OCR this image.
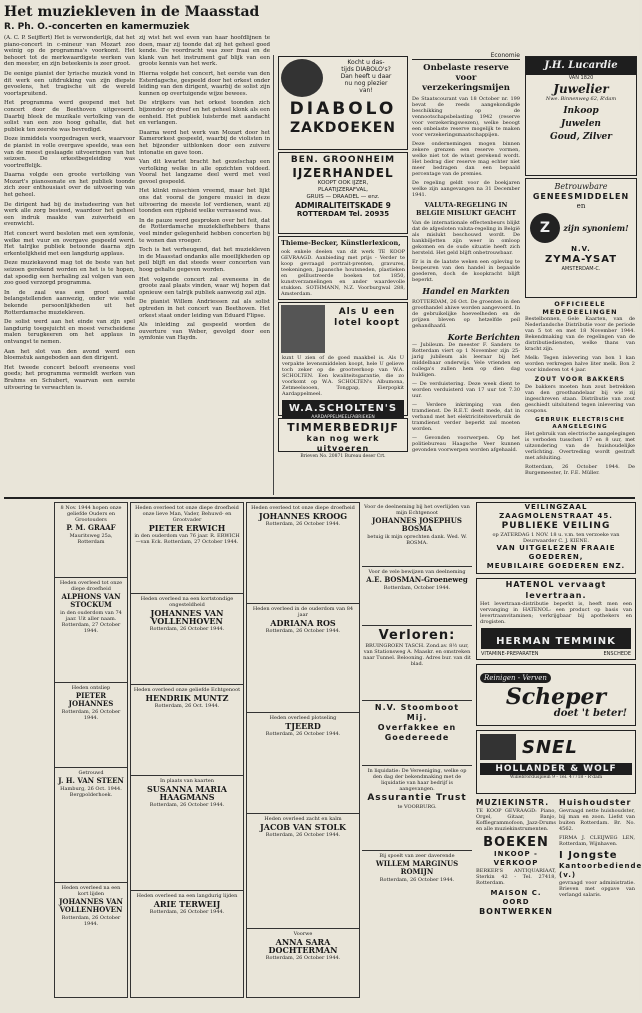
Het muziekleven in de Maasstad
R. Ph. O.-concerten en kamermuziek

(A. C. P. Seijffert) Het is verwonderlijk, dat het piano-concert in c-mineur van Mozart zoo weinig op de programma's voorkomt. Het behoort tot de merkwaardigste werken van den meester, en zijn beteekenis is zeer groot.

De eenige pianist der lyrische muziek vond in dit werk een uitdrukking van zijn diepste gevoelens, het tragische uit de wereld voortspruitend.

Het programma werd geopend met het concert door de Beethoven uitgevoerd. Daarbij bleek de muzikale vertolking van de solist van een zoo hoog gehalte, dat het publiek ten zeerste was bevredigd.

Doze inmiddels voorgedragen werk, waarvoor de pianist in volle overgave speelde, was een van de meest geslaagde uitvoeringen van het seizoen. De orkestbegeleiding was voortreffelijk.

Daarna volgde een groote vertolking van Mozart's pianosonate en het publiek toonde zich zeer enthousiast over de uitvoering van het geheel.

De dirigent had bij de instudeering van het werk alle zorg besteed, waardoor het geheel een indruk maakte van zuiverheid en evenwicht.

Het concert werd besloten met een symfonie, welke met vuur en overgave gespeeld werd. Het talrijke publiek betoonde daarna zijn erkentelijkheid met een langdurig applaus.

Deze muziekavond mag tot de beste van het seizoen gerekend worden en het is te hopen, dat spoedig een herhaling zal volgen van een zoo goed verzorgd programma.

In de zaal was een groot aantal belangstellenden aanwezig, onder wie vele bekende persoonlijkheden uit het Rotterdamsche muziekleven.

De solist werd aan het einde van zijn spel langdurig toegejuicht en moest verscheidene malen terugkeeren om het applaus in ontvangst te nemen.

Aan het slot van den avond werd een bloemstuk aangeboden aan den dirigent.

Het tweede concert belooft eveneens veel goeds; het programma vermeldt werken van Brahms en Schubert, waarvan een eerste uitvoering te verwachten is.

zij wist het wel even van haar hoofdlijnen te doen, maar zij toonde dat zij het geheel goed kende. De voordracht was zeer fraai en de klank van het instrument gaf blijk van een groote kennis van het werk.

Hierna volgde het concert, het eerste van den Esterdagsche, gespeeld door het orkest onder leiding van den dirigent, waarbij de solist zijn kunnen op overtuigende wijze bewees.

De strijkers van het orkest toonden zich bijzonder op dreef en het geheel klonk als een eenheid. Het publiek luisterde met aandacht en verlangen.

Daarna werd het werk van Mozart door het Kamerorkest gespeeld, waarbij de violisten in het bijzonder uitblonken door een zuivere intonatie en gave toon.

Van dit kwartet bracht het gezelschap een vertolking welke in alle opzichten voldeed. Vooral het langzame deel werd met veel gevoel gespeeld.

Het klinkt misschien vreemd, maar het lijkt ons dat vooral de jongere musici in deze uitvoering de meeste lof verdienen, want zij toonden een rijpheid welke verrassend was.

In de pauze werd gesproken over het feit, dat de Rotterdamsche muziekliefhebbers thans veel minder gelegenheid hebben concerten bij te wonen dan vroeger.

Toch is het verheugend, dat het muziekleven in de Maasstad ondanks alle moeilijkheden op peil blijft en dat steeds weer concerten van hoog gehalte gegeven worden.

Het volgende concert zal eveneens in de groote zaal plaats vinden, waar wij hopen dat opnieuw een talrijk publiek aanwezig zal zijn.

De pianist Willem Andriessen zal als solist optreden in het concert van Beethoven. Het orkest staat onder leiding van Eduard Flipse.

Als inleiding zal gespeeld worden de ouverture van Weber, gevolgd door een symfonie van Haydn.

Kocht u das-
tijds DIABOLO's?
Dan heeft u daar
nu nog plezier
van!
DIABOLO
ZAKDOEKEN
BEN. GROONHEIM
IJZERHANDEL
KOOPT OOK IJZER,
PLAATIJZERAFVAL,
GRUIS — DRAADEL — enz.
ADMIRALITEITSKADE 9
ROTTERDAM Tel. 20935
Thieme-Becker, Künstlerlexicon,

ook enkele deelen van dit werk TE KOOP GEVRAAGD. Aanbieding met prijs - Verder te koop gevraagd portrait-prenten, gravures, teekeningen, Japansche houtsneden, plastieken en gelllustreerde boeken tot 1850, kunstverzamelingen en ander waardevolle stukken. SOTHMANN, N.Z. Voorburgwal 288, Amsterdam.

Als U een lotel koopt

kunt U zien of de goed maakbel is. Als U verpakte levensmiddelen koopt, hele U gelieve toch zeker op de grootverkoop van W.A. SCHOLTEN. Een kwaliteitsgarantie, die zo voorkomt op W.A. SCHOLTEN's Albumona, Zetmeelsooen, Tongpap, Eierpopkit Aardappelmeel.

W.A.SCHOLTEN'S
TIMMERBEDRIJF
kan nog werk uitvoeren
Brieven No. 20871 Bureau deser Crt.
Economie
Onbelaste reserve voor verzekeringsmijen

De Staatscourant van 18 October nr. 199 bevat de reeds aangekondigde beschikking op de vennootschapsbelasting 1942 (reserve voor verzekeringswezen), welke beoogt een onbelaste reserve mogelijk te maken voor verzekeringsmaatschappijen.

Deze ondernemingen mogen binnen zekere grenzen een reserve vormen, welke niet tot de winst gerekend wordt. Het bedrag dier reserve mag echter niet meer bedragen dan een bepaald percentage van de premies.

De regeling geldt voor de boekjaren welke zijn aangevangen na 31 December 1941.

VALUTA-REGELING IN BELGIE MISLUKT GEACHT

Van de internationale effectenbeurs blijkt dat de afgesloten valuta-regeling in België als mislukt beschouwd wordt. De bankbiljetten zijn weer in omloop gekomen en de oude situatie heeft zich hersteld. Het geld blijft onbetrouwbaar.

Er is in de laatste weken een opleving te bespeuren van den handel in bepaalde goederen, doch de koopkracht blijft beperkt.

Handel en Markten

ROTTERDAM, 26 Oct. De groenten in den groothandel ahiwe worden aangevoerd. In de gebruikelijke hoeveelheden en de prijzen bleven op hetzelfde peil gehandhaafd.

Korte Berichten

— Jubileum. De meester F. Sanders te Rotterdam viert op 1 November zijn 25-jarig jubileum als leeraar bij het middelbaar onderwijs. Vele vrienden en collega's zullen hem op dien dag huldigen.

— De verduistering. Deze week dient te worden verduisterd van 17 uur tot 7.30 uur.

— Verdere inkrimping van den tramdienst. De R.E.T. deelt mede, dat in verband met het elektriciteitsverbruik de tramdienst verder beperkt zal moeten worden.

— Gevonden voorwerpen. Op het politiebureau Haagsche Veer kunnen gevonden voorwerpen worden afgehaald.

J.H. Lucardie
VAN 1820
Juwelier
Nwe. Binnenweg 62, R'dam
Inkoop
Juwelen
Goud, Zilver
Betrouwbare
GENEESMIDDELEN
en
Z	zijn synoniem!
N.V.
ZYMA-YSAT
AMSTERDAM-C.
OFFICIEELE MEDEDEELINGEN

Bestelbonnen, Gele Kaarten, van de Nederlandsche Distributie voor de periode van 5 tot en met 18 November 1944. Bekendmaking van de regelingen van de distributiediensten, welke thans van kracht zijn.

Melk: Tegen inlevering van bon 1 kan worden verkregen halve liter melk. Bon 2 voor kinderen tot 4 jaar.

ZOUT VOOR BAKKERS

De bakkers moeten hun zout betrekken van den groothandelaar bij wie zij ingeschreven staan. Distributie van zout geschiedt uitsluitend tegen inlevering van coupons.

GEBRUIK ELECTRISCHE AANGELEGING

Het gebruik van electrische aangelegingen is verboden tusschen 17 en 8 uur, met uitzondering van de huishoudelijke verlichting. Overtreding wordt gestraft met afsluiting.

Rotterdam, 26 October 1944. De Burgemeester, Ir. F.E. Müller.

8 Nov. 1944 hopen onze geliefde Ouders en Grootouders
P. M. GRAAF
Mauritsweg 25a, Rotterdam
Heden overleed tot onze diepe droefheid
ALPHONS VAN STOCKUM
in den ouderdom van 74 jaar. Uit aller naam. Rotterdam, 27 October 1944.
Heden ontsliep
PIETER JOHANNES
Rotterdam, 26 October 1944.
Getrouwd
J. H. VAN STEEN
Hamburg, 26 Oct. 1944. Bergpolderhoek.
Heden overleed na een kort lijden
JOHANNES VAN VOLLENHOVEN
Rotterdam, 26 October 1944.
Heden overleed tot onze diepe droefheid onze lieve Man, Vader, Behuwd- en Grootvader
PIETER ERWICH
in den ouderdom van 76 jaar. R. ERWICH—van Eck. Rotterdam, 27 October 1944.
Heden overleed na een kortstondige ongesteldheid
JOHANNES VAN VOLLENHOVEN
Rotterdam, 26 October 1944.
Heden overleed onze geliefde Echtgenoot
HENDRIK MUNTZ
Rotterdam, 26 Oct. 1944.
In plaats van kaarten
SUSANNA MARIA HAAGMANS
Rotterdam, 26 October 1944.
Heden overleed na een langdurig lijden
ARIE TERWEIJ
Rotterdam, 26 October 1944.
Heden overleed tot onze diepe droefheid
JOHANNES KROOG
Rotterdam, 26 October 1944.
Heden overleed in de ouderdom van 84 jaar
ADRIANA ROS
Rotterdam, 26 October 1944.
Heden overleed plotseling
TJEERD
Rotterdam, 26 October 1944.
Heden overleed zacht en kalm
JACOB VAN STOLK
Rotterdam, 26 October 1944.
Voorwe
ANNA SARA DOCHTERMAN
Rotterdam, 26 October 1944.
Voor de deelneming bij het overlijden van mijn Echtgenoot
JOHANNES JOSEPHUS BOSMA
betuig ik mijn oprechten dank. Wed. W. BOSMA.
Voor de vele bewijzen van deelneming
A.E. BOSMAN-Groeneweg
Rotterdam, October 1944.
Verloren:
BRUINGROEN TASCH. Zond.av. 8½ uur, van Stationsweg A. Maaskr. en omstreken naar Tunnel. Belooning. Adres bur. van dit blad.
N.V. Stoomboot Mij.
Overfakkee en
Goedereede
In liquidatie: De Vereeniging, welke op den dag der bekendmaking met de liquidatie van haar bedrijf is aangevangen.
Assurantie Trust
te VOORBURG.
Bij spoelt van zeer daverende
WILLEM MARGINUS ROMIJN
Rotterdam, 26 October 1944.
VEILINGZAAL ZAAGMOLENSTRAAT 45.
PUBLIEKE VEILING
op ZATERDAG 1 NOV. 18 u. v.m. ten verzoeke van Deurwaarder C. J. KIENE.
VAN UITGELEZEN FRAAIE GOEDEREN,
MEUBILAIRE GOEDEREN ENZ.
HATENOL vervaagt levertraan.

Het levertraan-distributie beperkt is, heeft men een vervanging in HATENOL: een product op basis van levertraanvitaminen; verkrijgbaar bij apothekers en drogisten.

HERMAN TEMMINK
VITAMINE-PREPARATEN	ENSCHEDE
Reinigen - Verven
Scheper
doet 't beter!
SNEL
HOLLANDER & WOLF
Willebrordusplein 9 - Tel. 47718 - R'dam
MUZIEKINSTR.

TE KOOP GEVRAAGD: Piano, Orgel, Gitaar, Banjo, Koffiegrammofoon, Jazz-Drums en alle muziekinstrumenten.

BOEKEN
INKOOP - VERKOOP

BERKER'S ANTIQUARIAAT, Sterkin 42 - Tel. 27418, Rotterdam.

MAISON C. OORD
BONTWERKEN
Huishoudster

Gevraagd nette huishoudster, bij man en zoon. Liefst van buiten Rotterdam. Br. No. 4562.

FIRMA J. CLEIJWEG LEN, Rotterdam, Wijnhaven.

I Jongste
Kantoorbediende (v.)

gevraagd voor administratie. Brieven met opgave van verlangd salaris.
